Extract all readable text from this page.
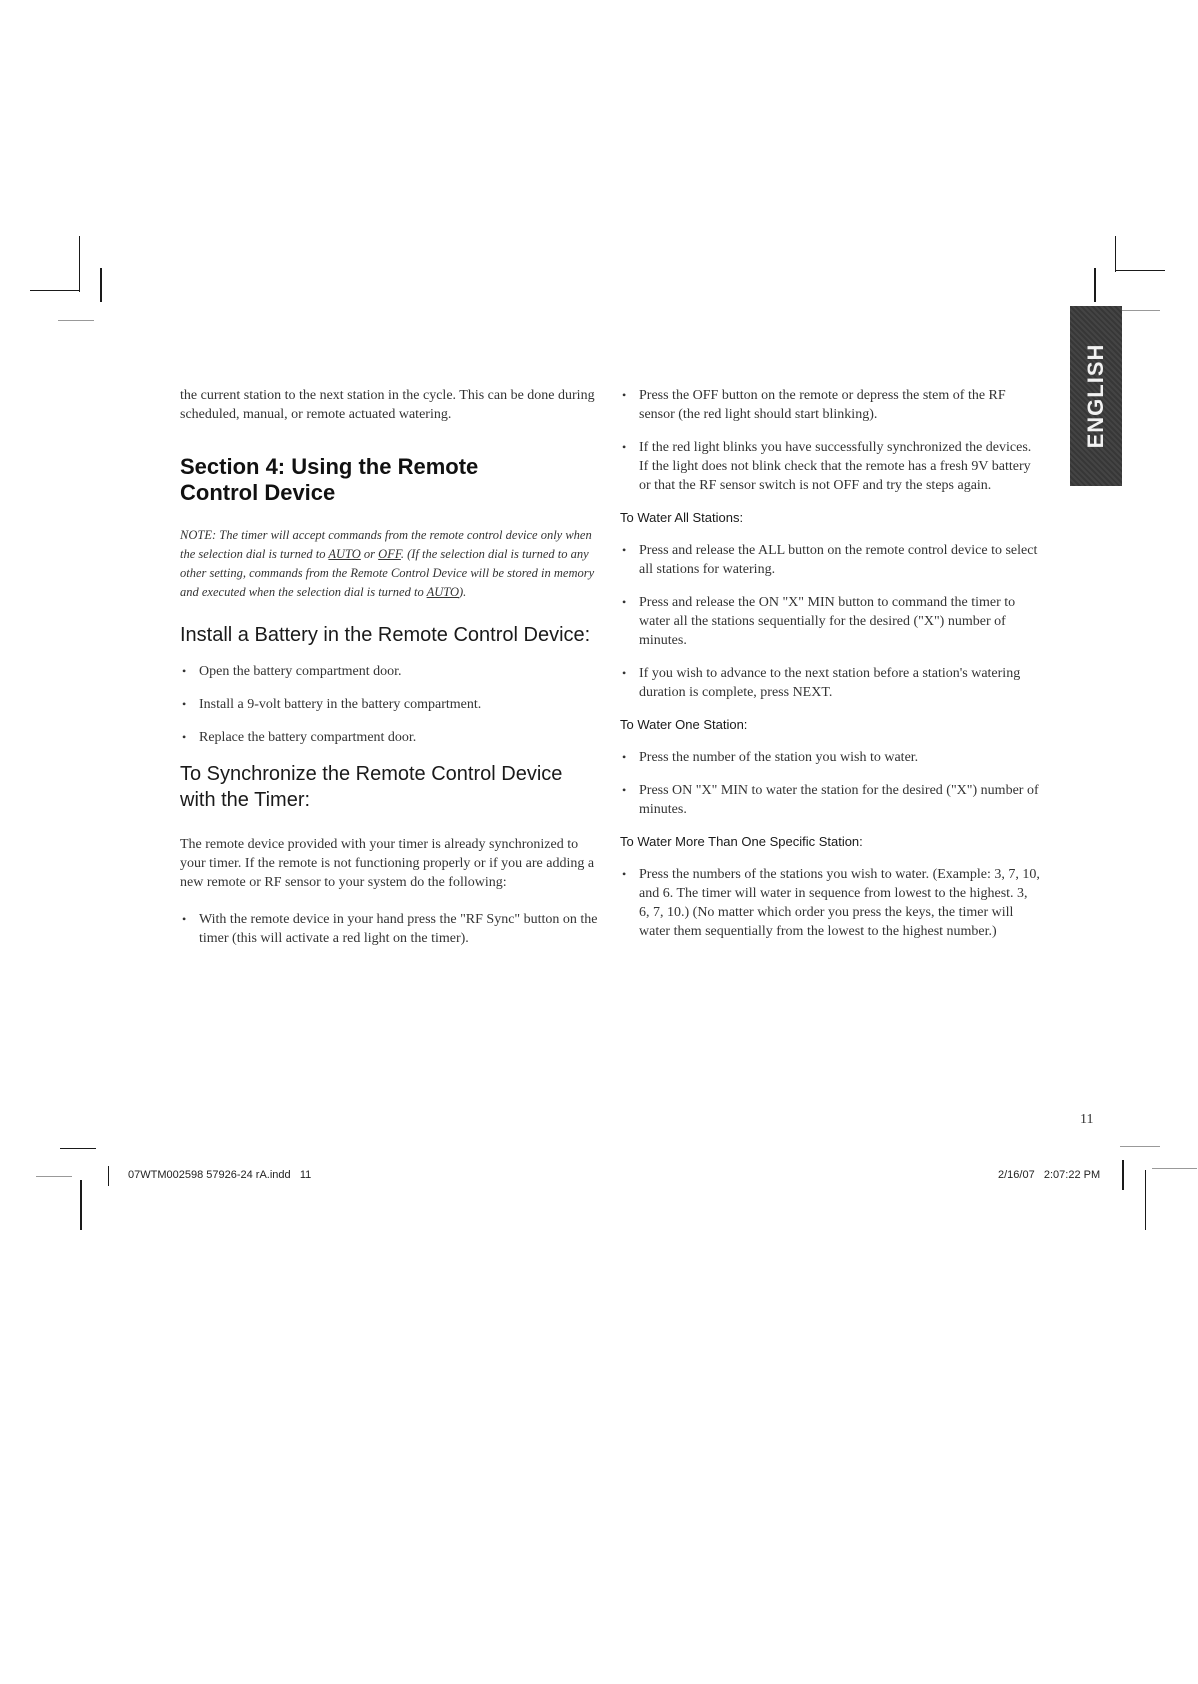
ENGLISH

the current station to the next station in the cycle. This can be done during scheduled, manual, or remote actuated watering.

Section 4: Using the Remote
Control Device

NOTE: The timer will accept commands from the remote control device only when the selection dial is turned to AUTO or OFF. (If the selection dial is turned to any other setting, commands from the Remote Control Device will be stored in memory and executed when the selection dial is turned to AUTO).

Install a Battery in the Remote Control Device:
• Open the battery compartment door.
• Install a 9-volt battery in the battery compartment.
• Replace the battery compartment door.
To Synchronize the Remote Control Device
with the Timer:

The remote device provided with your timer is already synchronized to your timer. If the remote is not functioning properly or if you are adding a new remote or RF sensor to your system do the following:

• With the remote device in your hand press the "RF Sync" button on the timer (this will activate a red light on the timer).
• Press the OFF button on the remote or depress the stem of the RF sensor (the red light should start blinking).
• If the red light blinks you have successfully synchronized the devices. If the light does not blink check that the remote has a fresh 9V battery or that the RF sensor switch is not OFF and try the steps again.
To Water All Stations:
• Press and release the ALL button on the remote control device to select all stations for watering.
• Press and release the ON "X" MIN button to command the timer to water all the stations sequentially for the desired ("X") number of minutes.
• If you wish to advance to the next station before a station's watering duration is complete, press NEXT.
To Water One Station:
• Press the number of the station you wish to water.
• Press ON "X" MIN to water the station for the desired ("X") number of minutes.
To Water More Than One Specific Station:
• Press the numbers of the stations you wish to water. (Example: 3, 7, 10, and 6. The timer will water in sequence from lowest to the highest. 3, 6, 7, 10.) (No matter which order you press the keys, the timer will water them sequentially from the lowest to the highest number.)
11
07WTM002598 57926-24 rA.indd   11	2/16/07   2:07:22 PM
